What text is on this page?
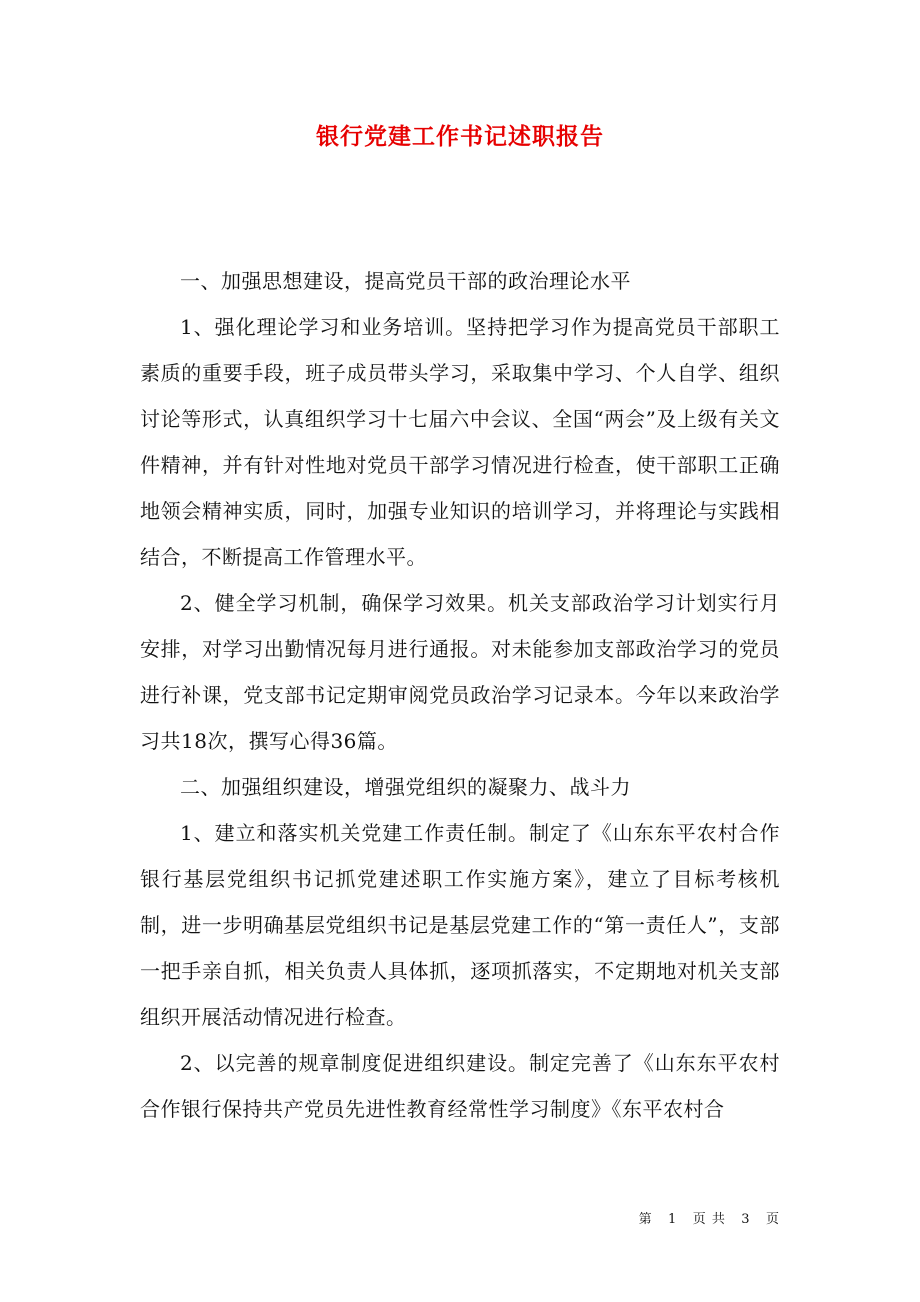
银行党建工作书记述职报告

一、加强思想建设，提高党员干部的政治理论水平

1、强化理论学习和业务培训。坚持把学习作为提高党员干部职工素质的重要手段，班子成员带头学习，采取集中学习、个人自学、组织讨论等形式，认真组织学习十七届六中会议、全国“两会”及上级有关文件精神，并有针对性地对党员干部学习情况进行检查，使干部职工正确地领会精神实质，同时，加强专业知识的培训学习，并将理论与实践相结合，不断提高工作管理水平。

2、健全学习机制，确保学习效果。机关支部政治学习计划实行月安排，对学习出勤情况每月进行通报。对未能参加支部政治学习的党员进行补课，党支部书记定期审阅党员政治学习记录本。今年以来政治学习共18次，撰写心得36篇。

二、加强组织建设，增强党组织的凝聚力、战斗力

1、建立和落实机关党建工作责任制。制定了《山东东平农村合作银行基层党组织书记抓党建述职工作实施方案》，建立了目标考核机制，进一步明确基层党组织书记是基层党建工作的“第一责任人”，支部一把手亲自抓，相关负责人具体抓，逐项抓落实，不定期地对机关支部组织开展活动情况进行检查。

2、以完善的规章制度促进组织建设。制定完善了《山东东平农村合作银行保持共产党员先进性教育经常性学习制度》《东平农村合

第 1 页 共 3 页
